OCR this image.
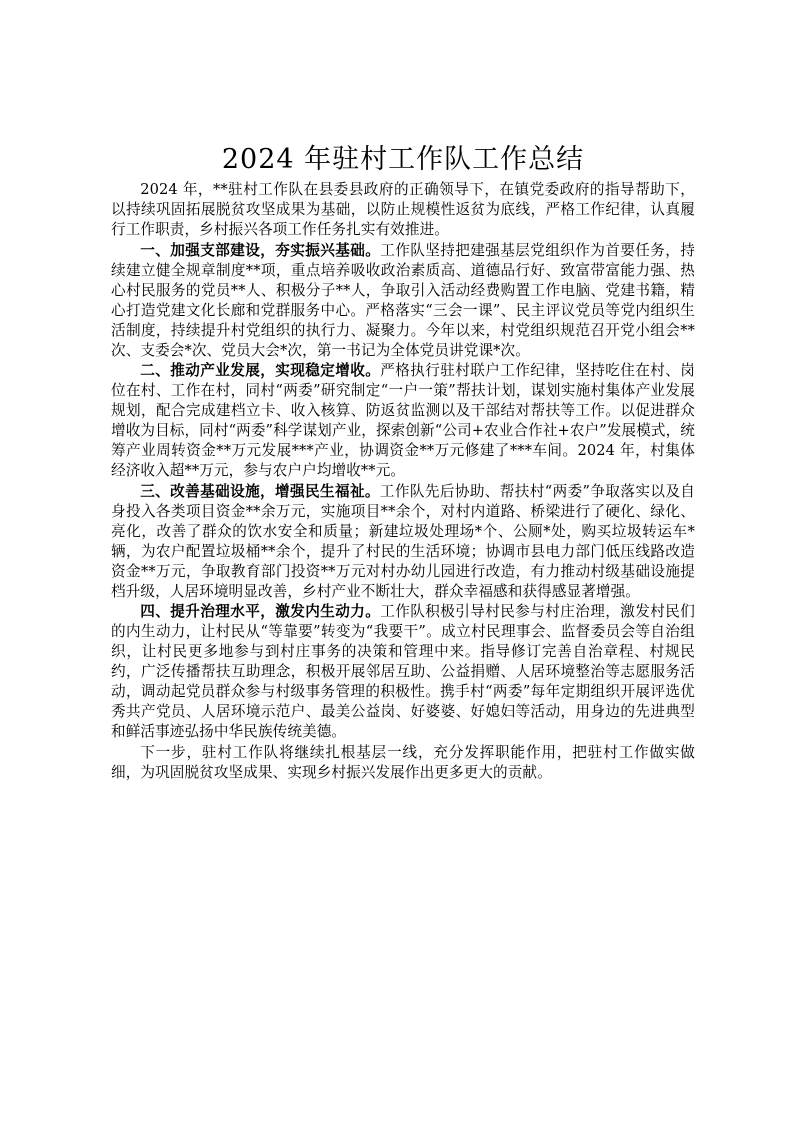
2024 年驻村工作队工作总结

2024 年，**驻村工作队在县委县政府的正确领导下，在镇党委政府的指导帮助下，以持续巩固拓展脱贫攻坚成果为基础，以防止规模性返贫为底线，严格工作纪律，认真履行工作职责，乡村振兴各项工作任务扎实有效推进。

一、加强支部建设，夯实振兴基础。工作队坚持把建强基层党组织作为首要任务，持续建立健全规章制度**项，重点培养吸收政治素质高、道德品行好、致富带富能力强、热心村民服务的党员**人、积极分子**人，争取引入活动经费购置工作电脑、党建书籍，精心打造党建文化长廊和党群服务中心。严格落实“三会一课”、民主评议党员等党内组织生活制度，持续提升村党组织的执行力、凝聚力。今年以来，村党组织规范召开党小组会**次、支委会*次、党员大会*次，第一书记为全体党员讲党课*次。

二、推动产业发展，实现稳定增收。严格执行驻村联户工作纪律，坚持吃住在村、岗位在村、工作在村，同村“两委”研究制定“一户一策”帮扶计划，谋划实施村集体产业发展规划，配合完成建档立卡、收入核算、防返贫监测以及干部结对帮扶等工作。以促进群众增收为目标，同村“两委”科学谋划产业，探索创新“公司+农业合作社+农户”发展模式，统筹产业周转资金**万元发展***产业，协调资金**万元修建了***车间。2024 年，村集体经济收入超**万元，参与农户户均增收**元。

三、改善基础设施，增强民生福祉。工作队先后协助、帮扶村“两委”争取落实以及自身投入各类项目资金**余万元，实施项目**余个，对村内道路、桥梁进行了硬化、绿化、亮化，改善了群众的饮水安全和质量；新建垃圾处理场*个、公厕*处，购买垃圾转运车*辆，为农户配置垃圾桶**余个，提升了村民的生活环境；协调市县电力部门低压线路改造资金**万元，争取教育部门投资**万元对村办幼儿园进行改造，有力推动村级基础设施提档升级，人居环境明显改善，乡村产业不断壮大，群众幸福感和获得感显著增强。

四、提升治理水平，激发内生动力。工作队积极引导村民参与村庄治理，激发村民们的内生动力，让村民从“等靠要”转变为“我要干”。成立村民理事会、监督委员会等自治组织，让村民更多地参与到村庄事务的决策和管理中来。指导修订完善自治章程、村规民约，广泛传播帮扶互助理念，积极开展邻居互助、公益捐赠、人居环境整治等志愿服务活动，调动起党员群众参与村级事务管理的积极性。携手村“两委”每年定期组织开展评选优秀共产党员、人居环境示范户、最美公益岗、好婆婆、好媳妇等活动，用身边的先进典型和鲜活事迹弘扬中华民族传统美德。

下一步，驻村工作队将继续扎根基层一线，充分发挥职能作用，把驻村工作做实做细，为巩固脱贫攻坚成果、实现乡村振兴发展作出更多更大的贡献。
